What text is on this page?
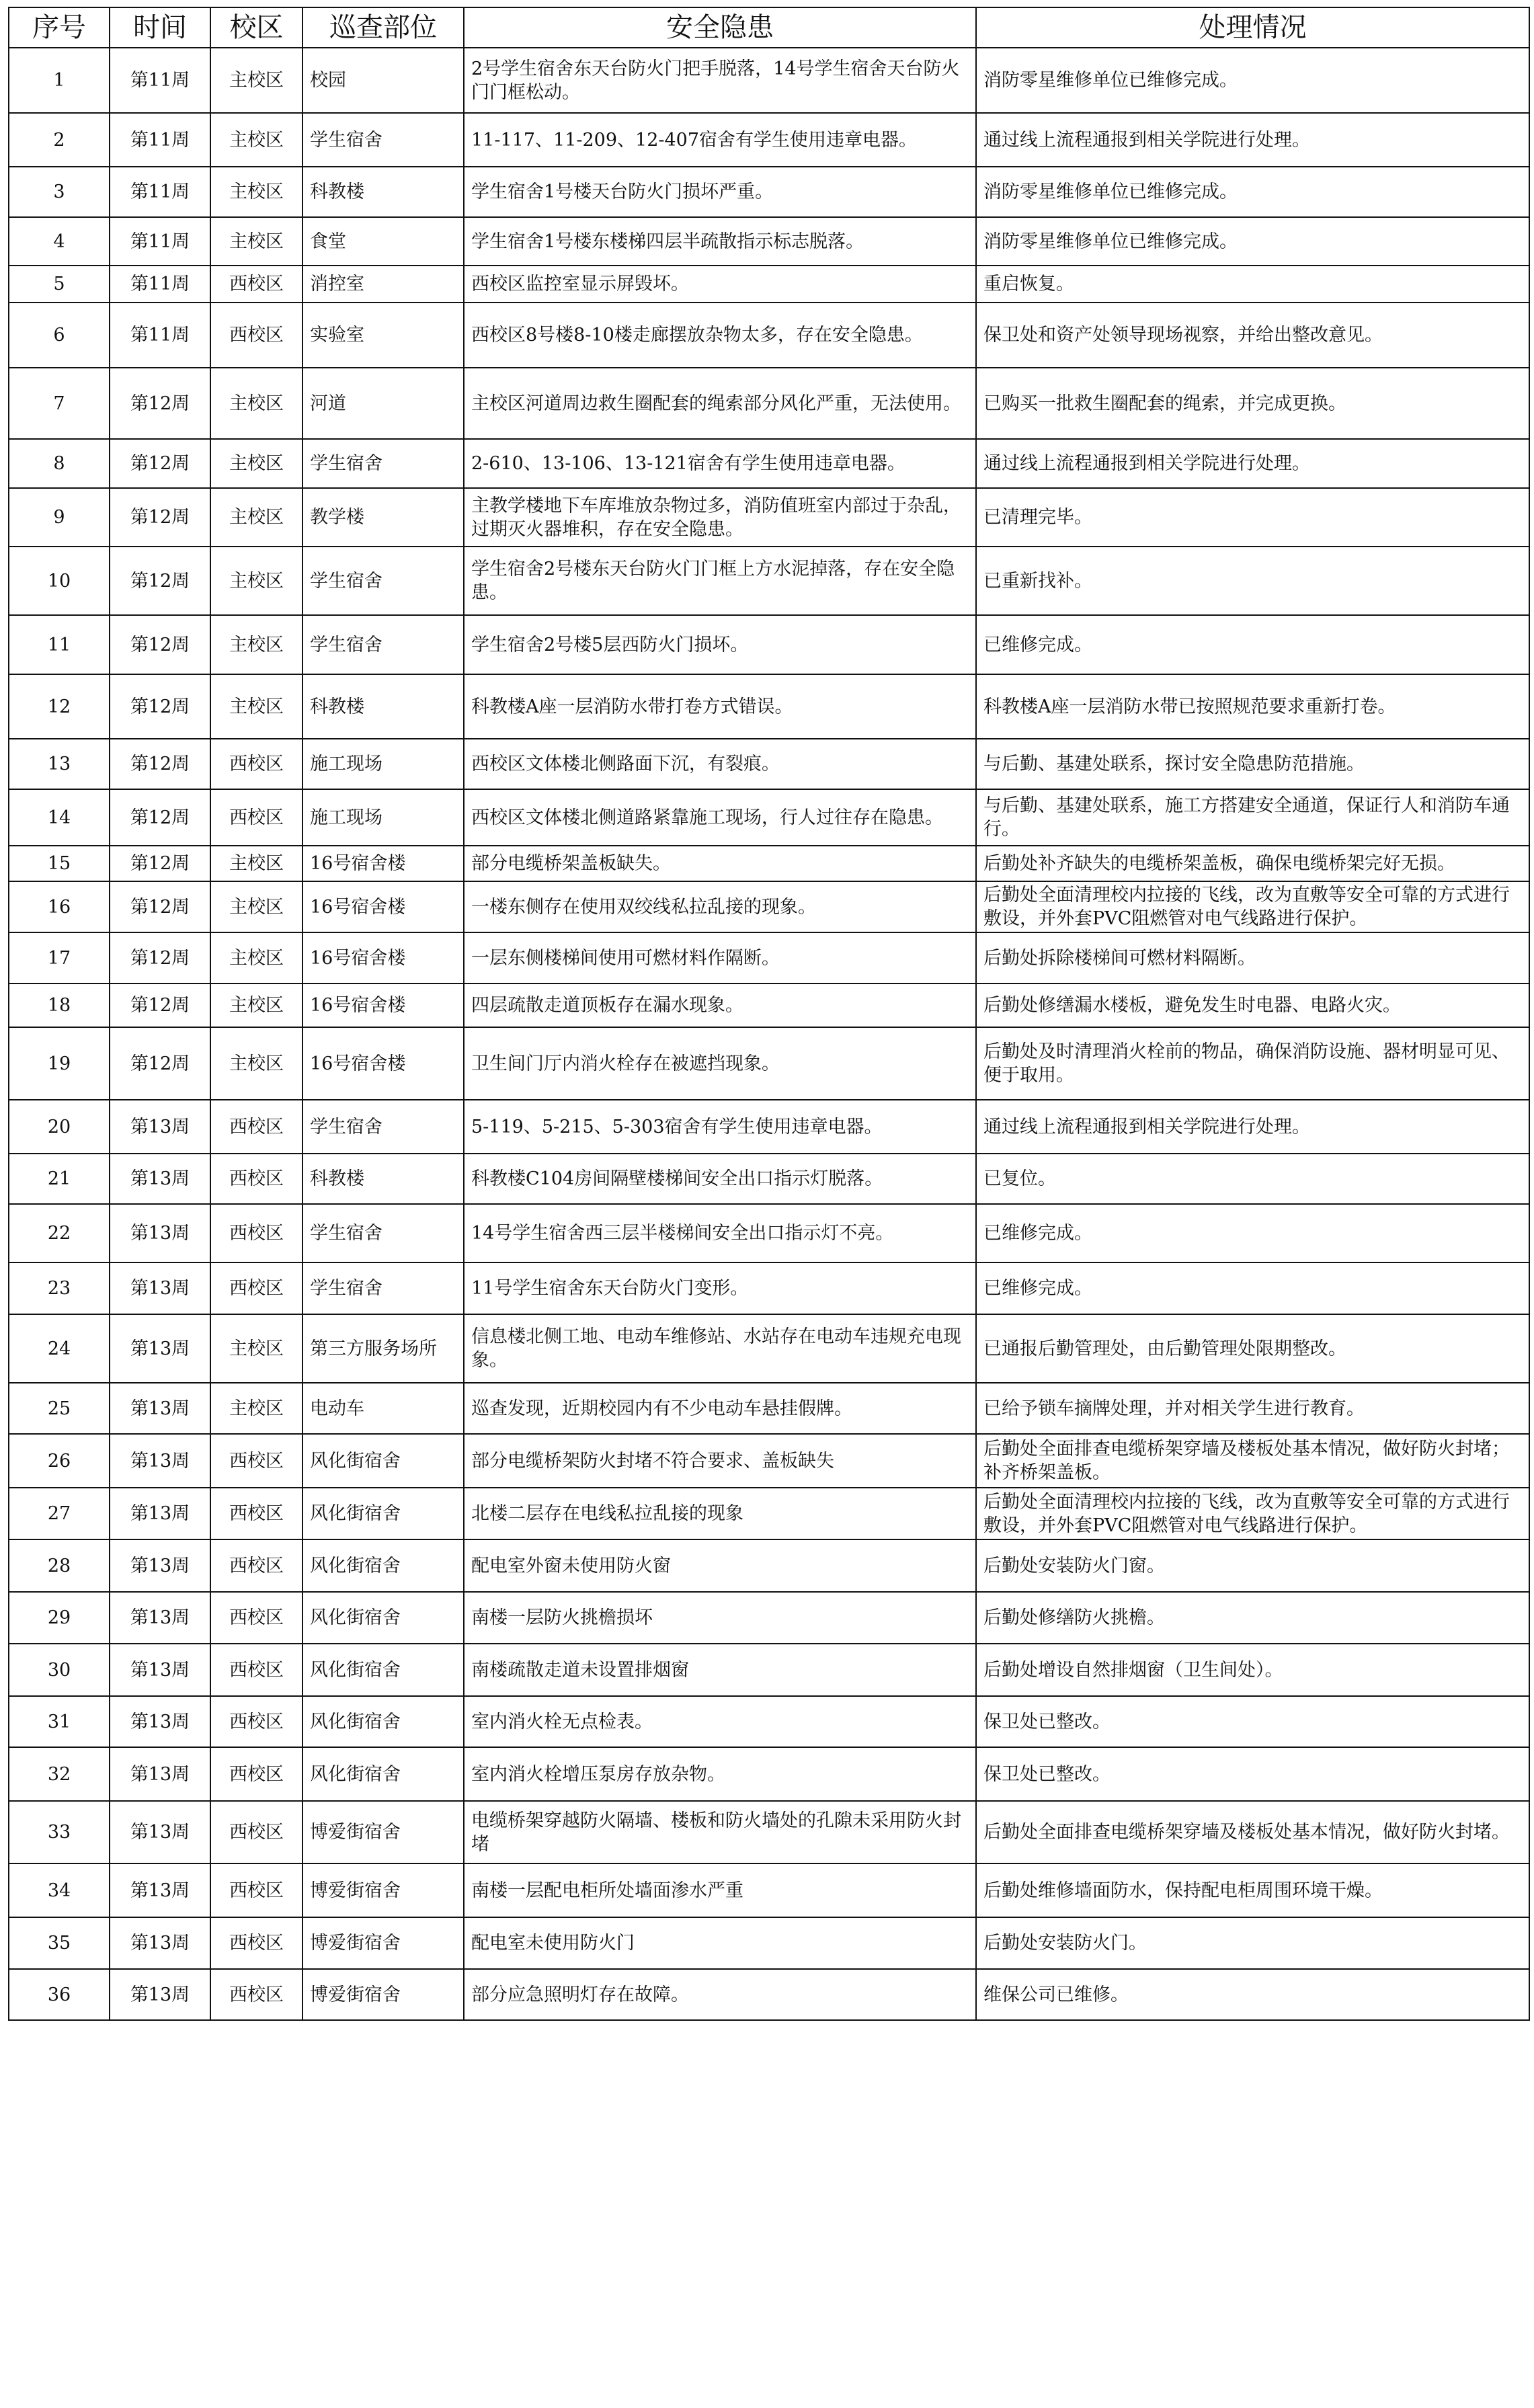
序号	时间	校区	巡查部位	安全隐患	处理情况
1	第11周	主校区	校园	2号学生宿舍东天台防火门把手脱落，14号学生宿舍天台防火门门框松动。	消防零星维修单位已维修完成。
2	第11周	主校区	学生宿舍	11-117、11-209、12-407宿舍有学生使用违章电器。	通过线上流程通报到相关学院进行处理。
3	第11周	主校区	科教楼	学生宿舍1号楼天台防火门损坏严重。	消防零星维修单位已维修完成。
4	第11周	主校区	食堂	学生宿舍1号楼东楼梯四层半疏散指示标志脱落。	消防零星维修单位已维修完成。
5	第11周	西校区	消控室	西校区监控室显示屏毁坏。	重启恢复。
6	第11周	西校区	实验室	西校区8号楼8-10楼走廊摆放杂物太多，存在安全隐患。	保卫处和资产处领导现场视察，并给出整改意见。
7	第12周	主校区	河道	主校区河道周边救生圈配套的绳索部分风化严重，无法使用。	已购买一批救生圈配套的绳索，并完成更换。
8	第12周	主校区	学生宿舍	2-610、13-106、13-121宿舍有学生使用违章电器。	通过线上流程通报到相关学院进行处理。
9	第12周	主校区	教学楼	主教学楼地下车库堆放杂物过多，消防值班室内部过于杂乱，过期灭火器堆积，存在安全隐患。	已清理完毕。
10	第12周	主校区	学生宿舍	学生宿舍2号楼东天台防火门门框上方水泥掉落，存在安全隐患。	已重新找补。
11	第12周	主校区	学生宿舍	学生宿舍2号楼5层西防火门损坏。	已维修完成。
12	第12周	主校区	科教楼	科教楼A座一层消防水带打卷方式错误。	科教楼A座一层消防水带已按照规范要求重新打卷。
13	第12周	西校区	施工现场	西校区文体楼北侧路面下沉，有裂痕。	与后勤、基建处联系，探讨安全隐患防范措施。
14	第12周	西校区	施工现场	西校区文体楼北侧道路紧靠施工现场，行人过往存在隐患。	与后勤、基建处联系，施工方搭建安全通道，保证行人和消防车通行。
15	第12周	主校区	16号宿舍楼	部分电缆桥架盖板缺失。	后勤处补齐缺失的电缆桥架盖板，确保电缆桥架完好无损。
16	第12周	主校区	16号宿舍楼	一楼东侧存在使用双绞线私拉乱接的现象。	后勤处全面清理校内拉接的飞线，改为直敷等安全可靠的方式进行敷设，并外套PVC阻燃管对电气线路进行保护。
17	第12周	主校区	16号宿舍楼	一层东侧楼梯间使用可燃材料作隔断。	后勤处拆除楼梯间可燃材料隔断。
18	第12周	主校区	16号宿舍楼	四层疏散走道顶板存在漏水现象。	后勤处修缮漏水楼板，避免发生时电器、电路火灾。
19	第12周	主校区	16号宿舍楼	卫生间门厅内消火栓存在被遮挡现象。	后勤处及时清理消火栓前的物品，确保消防设施、器材明显可见、便于取用。
20	第13周	西校区	学生宿舍	5-119、5-215、5-303宿舍有学生使用违章电器。	通过线上流程通报到相关学院进行处理。
21	第13周	西校区	科教楼	科教楼C104房间隔壁楼梯间安全出口指示灯脱落。	已复位。
22	第13周	西校区	学生宿舍	14号学生宿舍西三层半楼梯间安全出口指示灯不亮。	已维修完成。
23	第13周	西校区	学生宿舍	11号学生宿舍东天台防火门变形。	已维修完成。
24	第13周	主校区	第三方服务场所	信息楼北侧工地、电动车维修站、水站存在电动车违规充电现象。	已通报后勤管理处，由后勤管理处限期整改。
25	第13周	主校区	电动车	巡查发现，近期校园内有不少电动车悬挂假牌。	已给予锁车摘牌处理，并对相关学生进行教育。
26	第13周	西校区	风化街宿舍	部分电缆桥架防火封堵不符合要求、盖板缺失	后勤处全面排查电缆桥架穿墙及楼板处基本情况，做好防火封堵；补齐桥架盖板。
27	第13周	西校区	风化街宿舍	北楼二层存在电线私拉乱接的现象	后勤处全面清理校内拉接的飞线，改为直敷等安全可靠的方式进行敷设，并外套PVC阻燃管对电气线路进行保护。
28	第13周	西校区	风化街宿舍	配电室外窗未使用防火窗	后勤处安装防火门窗。
29	第13周	西校区	风化街宿舍	南楼一层防火挑檐损坏	后勤处修缮防火挑檐。
30	第13周	西校区	风化街宿舍	南楼疏散走道未设置排烟窗	后勤处增设自然排烟窗（卫生间处）。
31	第13周	西校区	风化街宿舍	室内消火栓无点检表。	保卫处已整改。
32	第13周	西校区	风化街宿舍	室内消火栓增压泵房存放杂物。	保卫处已整改。
33	第13周	西校区	博爱街宿舍	电缆桥架穿越防火隔墙、楼板和防火墙处的孔隙未采用防火封堵	后勤处全面排查电缆桥架穿墙及楼板处基本情况，做好防火封堵。
34	第13周	西校区	博爱街宿舍	南楼一层配电柜所处墙面渗水严重	后勤处维修墙面防水，保持配电柜周围环境干燥。
35	第13周	西校区	博爱街宿舍	配电室未使用防火门	后勤处安装防火门。
36	第13周	西校区	博爱街宿舍	部分应急照明灯存在故障。	维保公司已维修。
